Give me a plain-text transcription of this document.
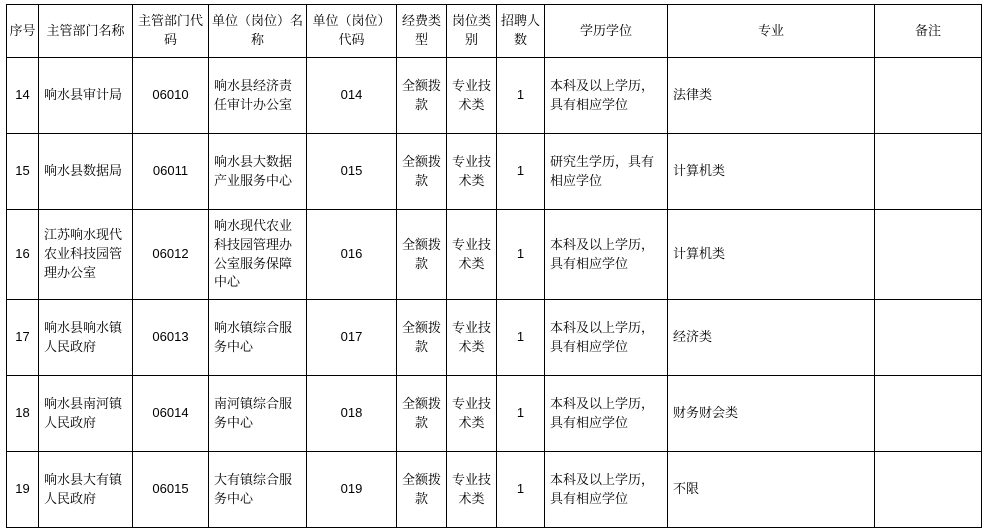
序号	主管部门名称	主管部门代码	单位（岗位）名称	单位（岗位）代码	经费类型	岗位类别	招聘人数	学历学位	专业	备注
14	响水县审计局	06010	响水县经济责任审计办公室	014	全额拨款	专业技术类	1	本科及以上学历，具有相应学位	法律类	
15	响水县数据局	06011	响水县大数据产业服务中心	015	全额拨款	专业技术类	1	研究生学历，具有相应学位	计算机类	
16	江苏响水现代农业科技园管理办公室	06012	响水现代农业科技园管理办公室服务保障中心	016	全额拨款	专业技术类	1	本科及以上学历，具有相应学位	计算机类	
17	响水县响水镇人民政府	06013	响水镇综合服务中心	017	全额拨款	专业技术类	1	本科及以上学历，具有相应学位	经济类	
18	响水县南河镇人民政府	06014	南河镇综合服务中心	018	全额拨款	专业技术类	1	本科及以上学历，具有相应学位	财务财会类	
19	响水县大有镇人民政府	06015	大有镇综合服务中心	019	全额拨款	专业技术类	1	本科及以上学历，具有相应学位	不限	
